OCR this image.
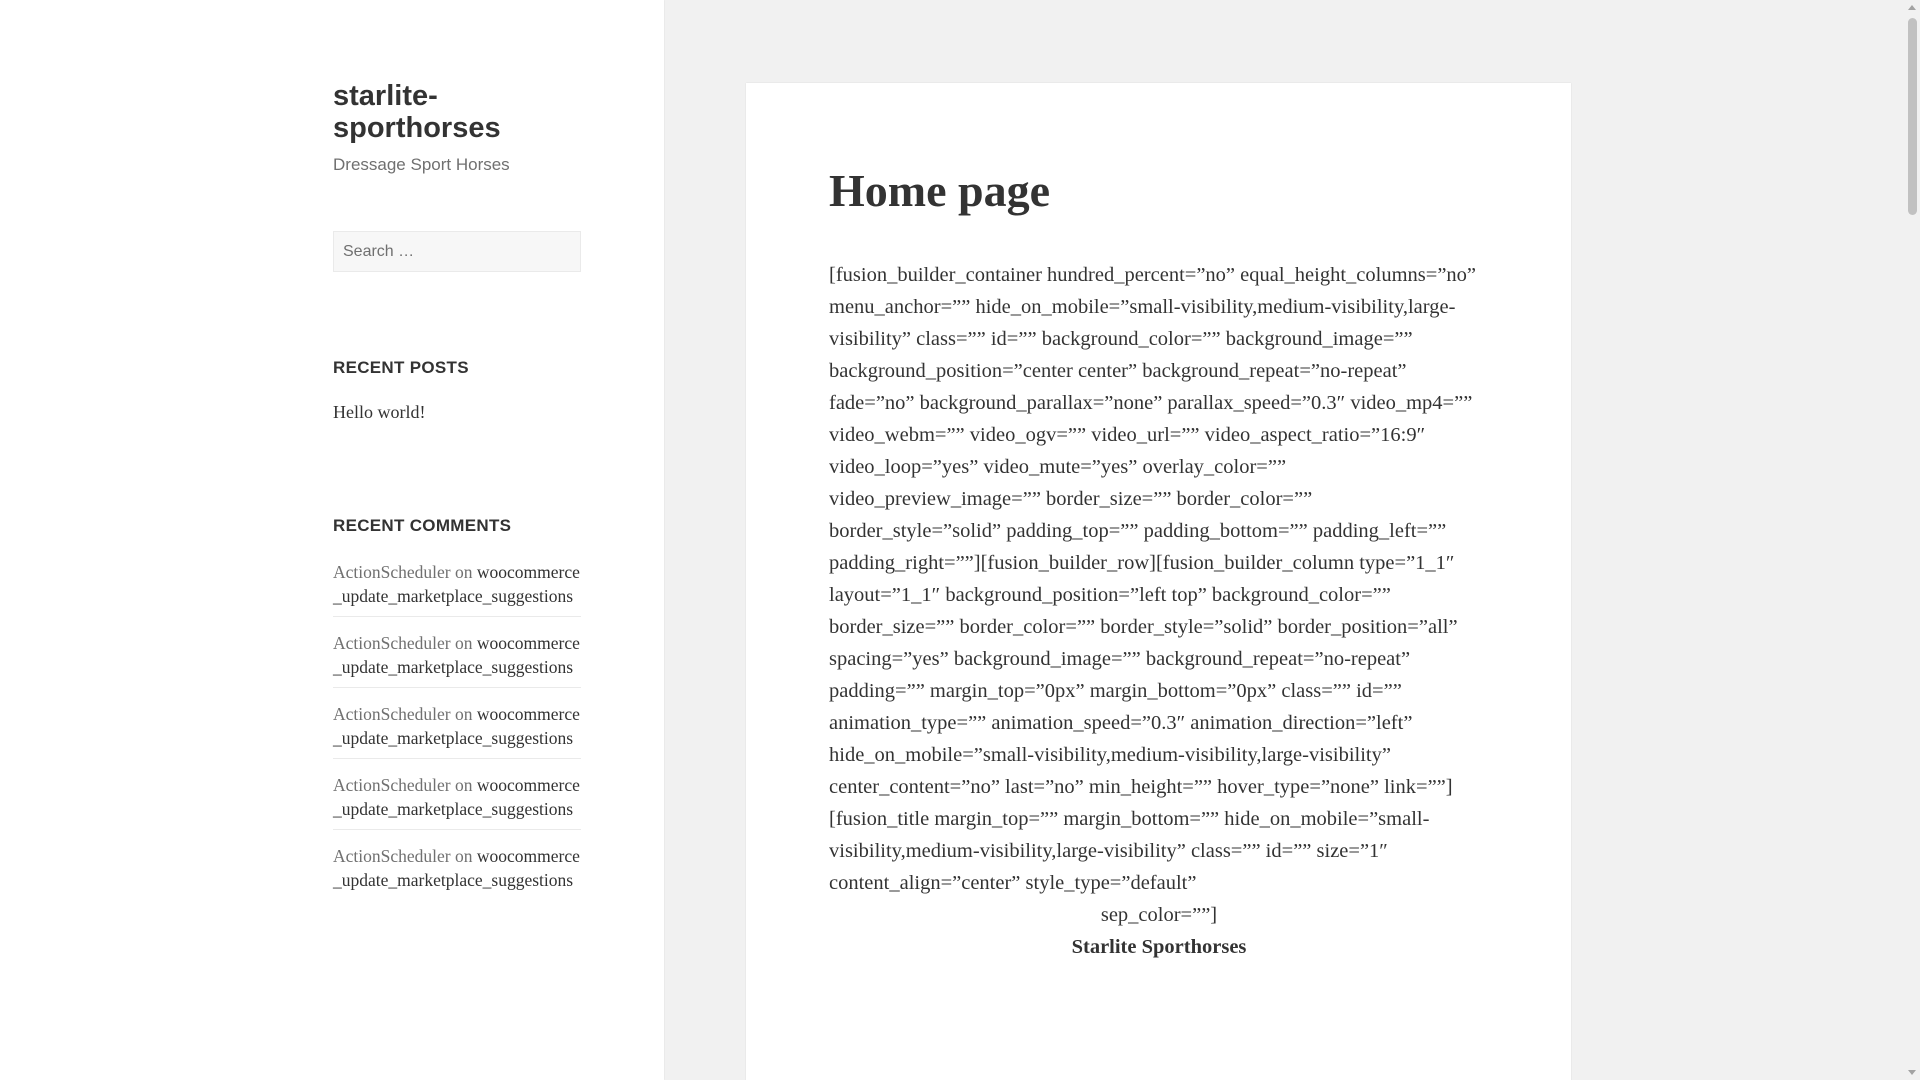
starlite-sporthorses
Dressage Sport Horses
Search …
RECENT POSTS
Hello world!
RECENT COMMENTS
ActionScheduler on woocommerce_update_marketplace_suggestions
ActionScheduler on woocommerce_update_marketplace_suggestions
ActionScheduler on woocommerce_update_marketplace_suggestions
ActionScheduler on woocommerce_update_marketplace_suggestions
ActionScheduler on woocommerce_update_marketplace_suggestions
Home page

[fusion_builder_container hundred_percent=”no” equal_height_columns=”no” menu_anchor=”” hide_on_mobile=”small-visibility,medium-visibility,large-visibility” class=”” id=”” background_color=”” background_image=”” background_position=”center center” background_repeat=”no-repeat” fade=”no” background_parallax=”none” parallax_speed=”0.3″ video_mp4=”” video_webm=”” video_ogv=”” video_url=”” video_aspect_ratio=”16:9″ video_loop=”yes” video_mute=”yes” overlay_color=”” video_preview_image=”” border_size=”” border_color=”” border_style=”solid” padding_top=”” padding_bottom=”” padding_left=”” padding_right=””][fusion_builder_row][fusion_builder_column type=”1_1″ layout=”1_1″ background_position=”left top” background_color=”” border_size=”” border_color=”” border_style=”solid” border_position=”all” spacing=”yes” background_image=”” background_repeat=”no-repeat” padding=”” margin_top=”0px” margin_bottom=”0px” class=”” id=”” animation_type=”” animation_speed=”0.3″ animation_direction=”left” hide_on_mobile=”small-visibility,medium-visibility,large-visibility” center_content=”no” last=”no” min_height=”” hover_type=”none” link=””][fusion_title margin_top=”” margin_bottom=”” hide_on_mobile=”small-visibility,medium-visibility,large-visibility” class=”” id=”” size=”1″ content_align=”center” style_type=”default”

sep_color=””]

Starlite Sporthorses
